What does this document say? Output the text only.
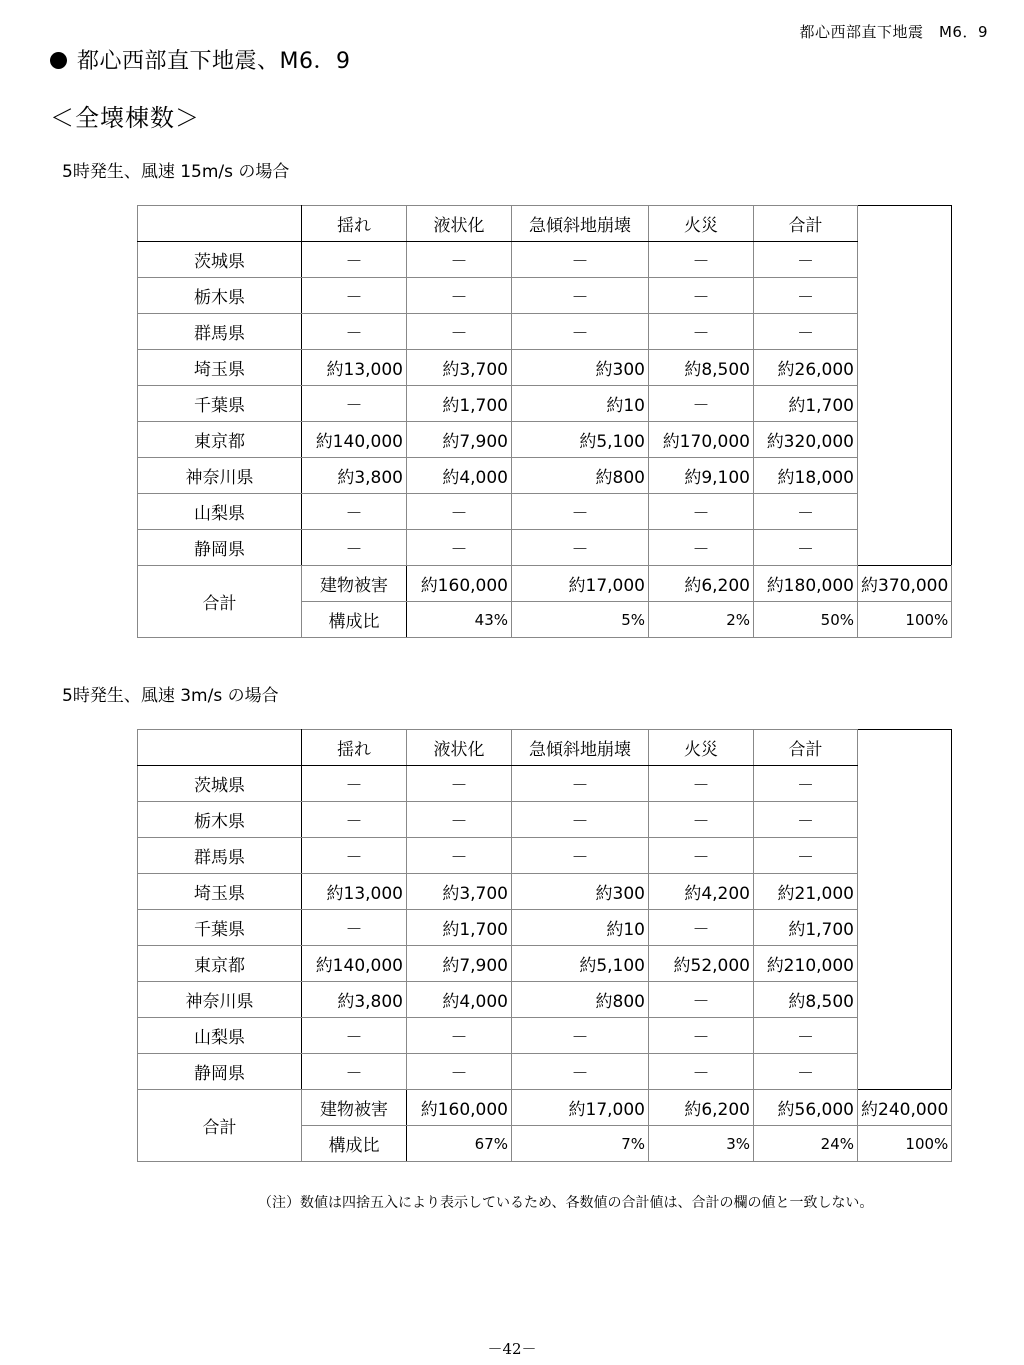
都心西部直下地震　M6．9
都心西部直下地震、M6．9
＜全壊棟数＞
5時発生、風速 15m/s の場合
	揺れ	液状化	急傾斜地崩壊	火災	合計	
茨城県	－	－	－	－	－	
栃木県	－	－	－	－	－	
群馬県	－	－	－	－	－	
埼玉県	約13,000	約3,700	約300	約8,500	約26,000	
千葉県	－	約1,700	約10	－	約1,700	
東京都	約140,000	約7,900	約5,100	約170,000	約320,000	
神奈川県	約3,800	約4,000	約800	約9,100	約18,000	
山梨県	－	－	－	－	－	
静岡県	－	－	－	－	－	
合計	建物被害	約160,000	約17,000	約6,200	約180,000	約370,000
	構成比	43%	5%	2%	50%	100%
5時発生、風速 3m/s の場合
	揺れ	液状化	急傾斜地崩壊	火災	合計	
茨城県	－	－	－	－	－	
栃木県	－	－	－	－	－	
群馬県	－	－	－	－	－	
埼玉県	約13,000	約3,700	約300	約4,200	約21,000	
千葉県	－	約1,700	約10	－	約1,700	
東京都	約140,000	約7,900	約5,100	約52,000	約210,000	
神奈川県	約3,800	約4,000	約800	－	約8,500	
山梨県	－	－	－	－	－	
静岡県	－	－	－	－	－	
合計	建物被害	約160,000	約17,000	約6,200	約56,000	約240,000
	構成比	67%	7%	3%	24%	100%
（注）数値は四捨五入により表示しているため、各数値の合計値は、合計の欄の値と一致しない。
－42－
